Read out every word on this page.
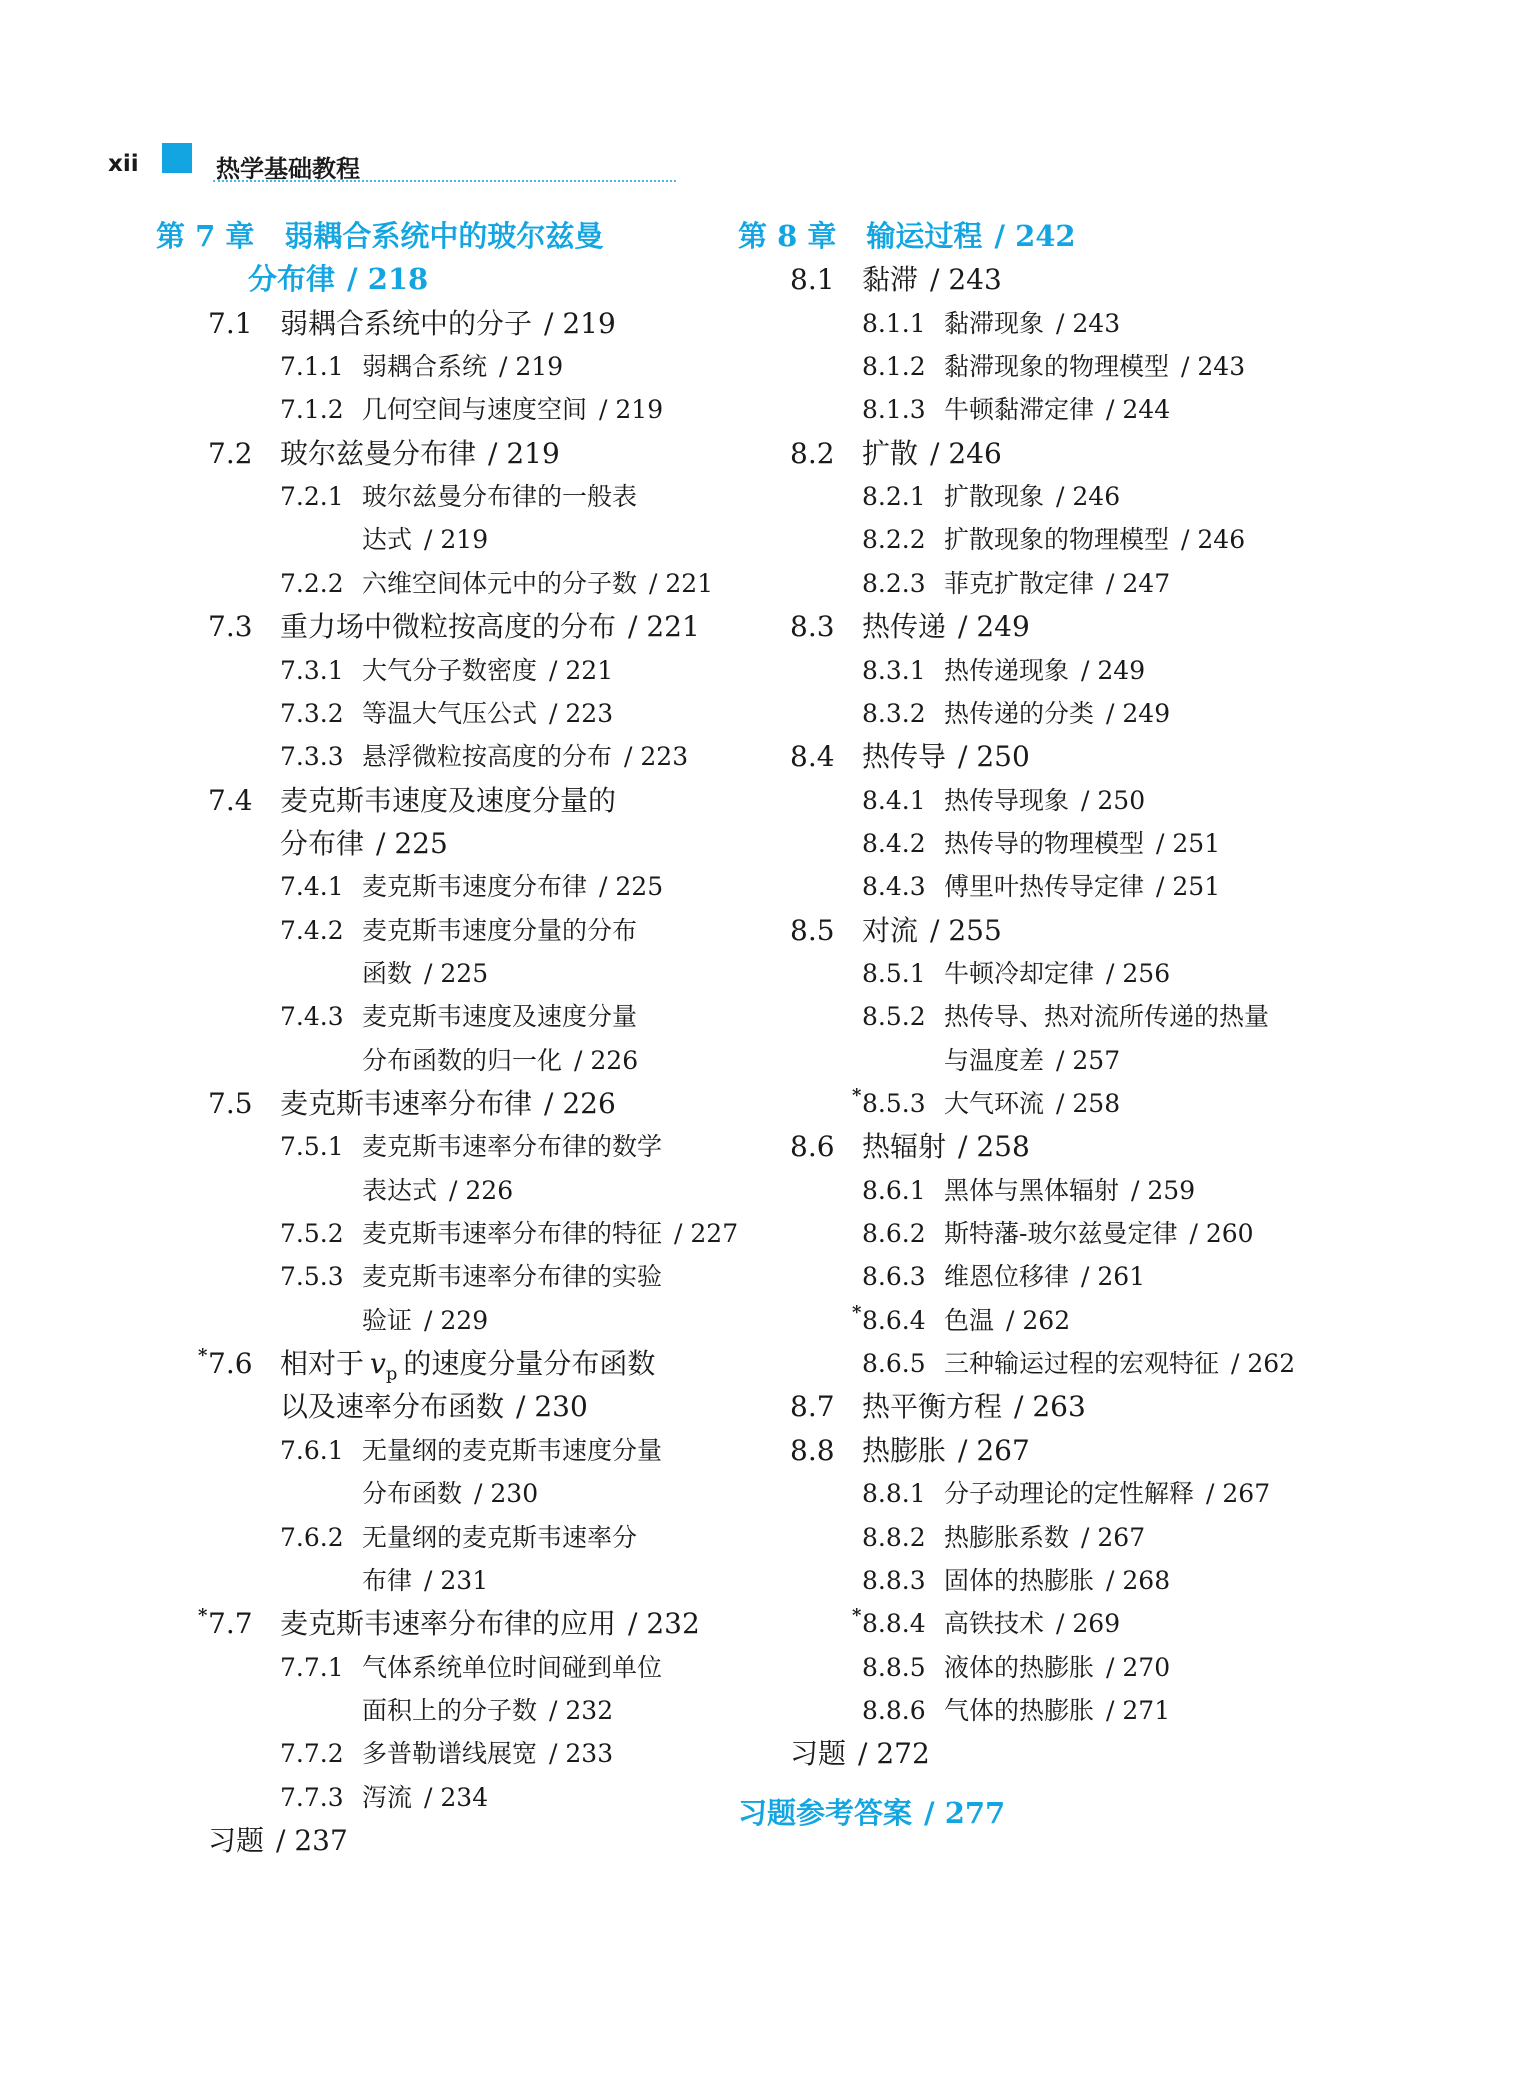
xii	热学基础教程
第 7 章 弱耦合系统中的玻尔兹曼
分布律 / 218
7.1 弱耦合系统中的分子 / 219
7.1.1 弱耦合系统 / 219
7.1.2 几何空间与速度空间 / 219
7.2 玻尔兹曼分布律 / 219
7.2.1 玻尔兹曼分布律的一般表
达式 / 219
7.2.2 六维空间体元中的分子数 / 221
7.3 重力场中微粒按高度的分布 / 221
7.3.1 大气分子数密度 / 221
7.3.2 等温大气压公式 / 223
7.3.3 悬浮微粒按高度的分布 / 223
7.4 麦克斯韦速度及速度分量的
分布律 / 225
7.4.1 麦克斯韦速度分布律 / 225
7.4.2 麦克斯韦速度分量的分布
函数 / 225
7.4.3 麦克斯韦速度及速度分量
分布函数的归一化 / 226
7.5 麦克斯韦速率分布律 / 226
7.5.1 麦克斯韦速率分布律的数学
表达式 / 226
7.5.2 麦克斯韦速率分布律的特征 / 227
7.5.3 麦克斯韦速率分布律的实验
验证 / 229
* 7.6 相对于 $v_p$ 的速度分量分布函数
以及速率分布函数 / 230
7.6.1 无量纲的麦克斯韦速度分量
分布函数 / 230
7.6.2 无量纲的麦克斯韦速率分
布律 / 231
* 7.7 麦克斯韦速率分布律的应用 / 232
7.7.1 气体系统单位时间碰到单位
面积上的分子数 / 232
7.7.2 多普勒谱线展宽 / 233
7.7.3 泻流 / 234
习题 / 237
第 8 章 输运过程 / 242
8.1 黏滞 / 243
8.1.1 黏滞现象 / 243
8.1.2 黏滞现象的物理模型 / 243
8.1.3 牛顿黏滞定律 / 244
8.2 扩散 / 246
8.2.1 扩散现象 / 246
8.2.2 扩散现象的物理模型 / 246
8.2.3 菲克扩散定律 / 247
8.3 热传递 / 249
8.3.1 热传递现象 / 249
8.3.2 热传递的分类 / 249
8.4 热传导 / 250
8.4.1 热传导现象 / 250
8.4.2 热传导的物理模型 / 251
8.4.3 傅里叶热传导定律 / 251
8.5 对流 / 255
8.5.1 牛顿冷却定律 / 256
8.5.2 热传导、热对流所传递的热量
与温度差 / 257
* 8.5.3 大气环流 / 258
8.6 热辐射 / 258
8.6.1 黑体与黑体辐射 / 259
8.6.2 斯特藩-玻尔兹曼定律 / 260
8.6.3 维恩位移律 / 261
* 8.6.4 色温 / 262
8.6.5 三种输运过程的宏观特征 / 262
8.7 热平衡方程 / 263
8.8 热膨胀 / 267
8.8.1 分子动理论的定性解释 / 267
8.8.2 热膨胀系数 / 267
8.8.3 固体的热膨胀 / 268
* 8.8.4 高铁技术 / 269
8.8.5 液体的热膨胀 / 270
8.8.6 气体的热膨胀 / 271
习题 / 272
习题参考答案 / 277
